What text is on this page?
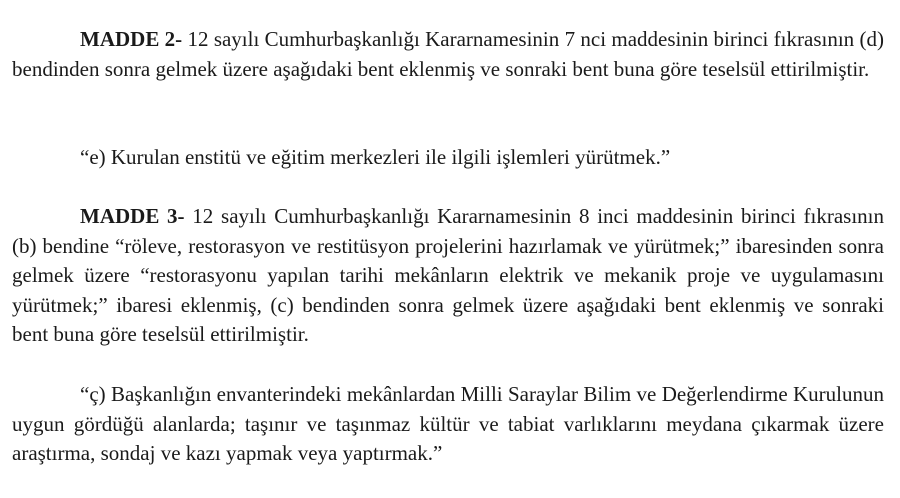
MADDE 2- 12 sayılı Cumhurbaşkanlığı Kararnamesinin 7 nci maddesinin birinci fıkrasının (d) bendinden sonra gelmek üzere aşağıdaki bent eklenmiş ve sonraki bent buna göre teselsül ettirilmiştir.

“e) Kurulan enstitü ve eğitim merkezleri ile ilgili işlemleri yürütmek.”

MADDE 3- 12 sayılı Cumhurbaşkanlığı Kararnamesinin 8 inci maddesinin birinci fıkrasının (b) bendine “röleve, restorasyon ve restitüsyon projelerini hazırlamak ve yürütmek;” ibaresinden sonra gelmek üzere “restorasyonu yapılan tarihi mekânların elektrik ve mekanik proje ve uygulamasını yürütmek;” ibaresi eklenmiş, (c) bendinden sonra gelmek üzere aşağıdaki bent eklenmiş ve sonraki bent buna göre teselsül ettirilmiştir.

“ç) Başkanlığın envanterindeki mekânlardan Milli Saraylar Bilim ve Değerlendirme Kurulunun uygun gördüğü alanlarda; taşınır ve taşınmaz kültür ve tabiat varlıklarını meydana çıkarmak üzere araştırma, sondaj ve kazı yapmak veya yaptırmak.”
